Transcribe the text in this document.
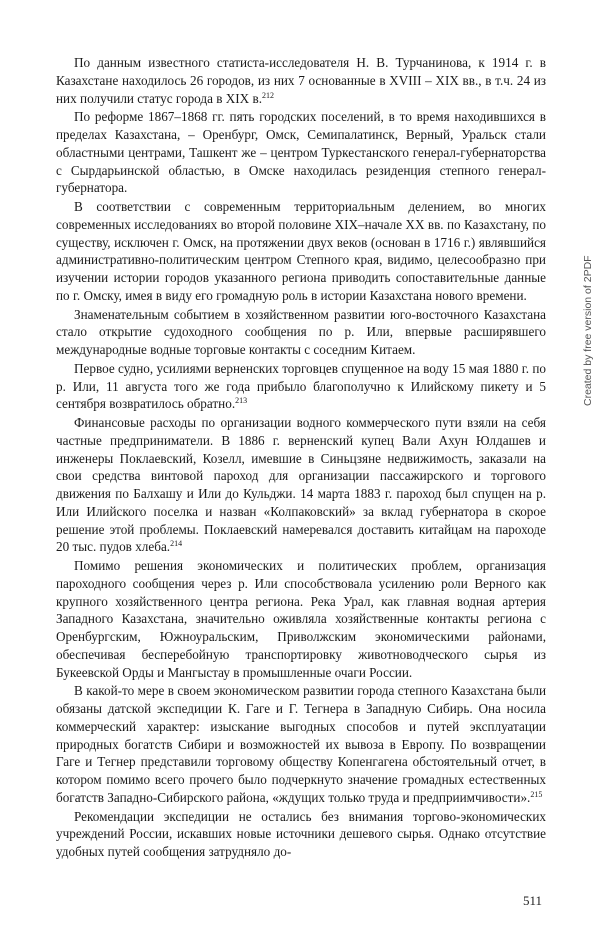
По данным известного статиста-исследователя Н. В. Турчанинова, к 1914 г. в Казахстане находилось 26 городов, из них 7 основанные в XVIII – XIX вв., в т.ч. 24 из них получили статус города в XIX в.$^{212}$

По реформе 1867–1868 гг. пять городских поселений, в то время находившихся в пределах Казахстана, – Оренбург, Омск, Семипалатинск, Верный, Уральск стали областными центрами, Ташкент же – центром Туркестанского генерал-губернаторства с Сырдарьинской областью, в Омске находилась резиденция степного генерал-губернатора.

В соответствии с современным территориальным делением, во многих современных исследованиях во второй половине XIX–начале XX вв. по Казахстану, по существу, исключен г. Омск, на протяжении двух веков (основан в 1716 г.) являвшийся административно-политическим центром Степного края, видимо, целесообразно при изучении истории городов указанного региона приводить сопоставительные данные по г. Омску, имея в виду его громадную роль в истории Казахстана нового времени.

Знаменательным событием в хозяйственном развитии юго-восточного Казахстана стало открытие судоходного сообщения по р. Или, впервые расширявшего международные водные торговые контакты с соседним Китаем.

Первое судно, усилиями верненских торговцев спущенное на воду 15 мая 1880 г. по р. Или, 11 августа того же года прибыло благополучно к Илийскому пикету и 5 сентября возвратилось обратно.$^{213}$

Финансовые расходы по организации водного коммерческого пути взяли на себя частные предприниматели. В 1886 г. верненский купец Вали Ахун Юлдашев и инженеры Поклаевский, Козелл, имевшие в Синьцзяне недвижимость, заказали на свои средства винтовой пароход для организации пассажирского и торгового движения по Балхашу и Или до Кульджи. 14 марта 1883 г. пароход был спущен на р. Или Илийского поселка и назван «Колпаковский» за вклад губернатора в скорое решение этой проблемы. Поклаевский намеревался доставить китайцам на пароходе 20 тыс. пудов хлеба.$^{214}$

Помимо решения экономических и политических проблем, организация пароходного сообщения через р. Или способствовала усилению роли Верного как крупного хозяйственного центра региона. Река Урал, как главная водная артерия Западного Казахстана, значительно оживляла хозяйственные контакты региона с Оренбургским, Южноуральским, Приволжским экономическими районами, обеспечивая бесперебойную транспортировку животноводческого сырья из Букеевской Орды и Мангыстау в промышленные очаги России.

В какой-то мере в своем экономическом развитии города степного Казахстана были обязаны датской экспедиции К. Гаге и Г. Тегнера в Западную Сибирь. Она носила коммерческий характер: изыскание выгодных способов и путей эксплуатации природных богатств Сибири и возможностей их вывоза в Европу. По возвращении Гаге и Тегнер представили торговому обществу Копенгагена обстоятельный отчет, в котором помимо всего прочего было подчеркнуто значение громадных естественных богатств Западно-Сибирского района, «ждущих только труда и предприимчивости».$^{215}$

Рекомендации экспедиции не остались без внимания торгово-экономических учреждений России, искавших новые источники дешевого сырья. Однако отсутствие удобных путей сообщения затрудняло до-

Created by free version of 2PDF
511
